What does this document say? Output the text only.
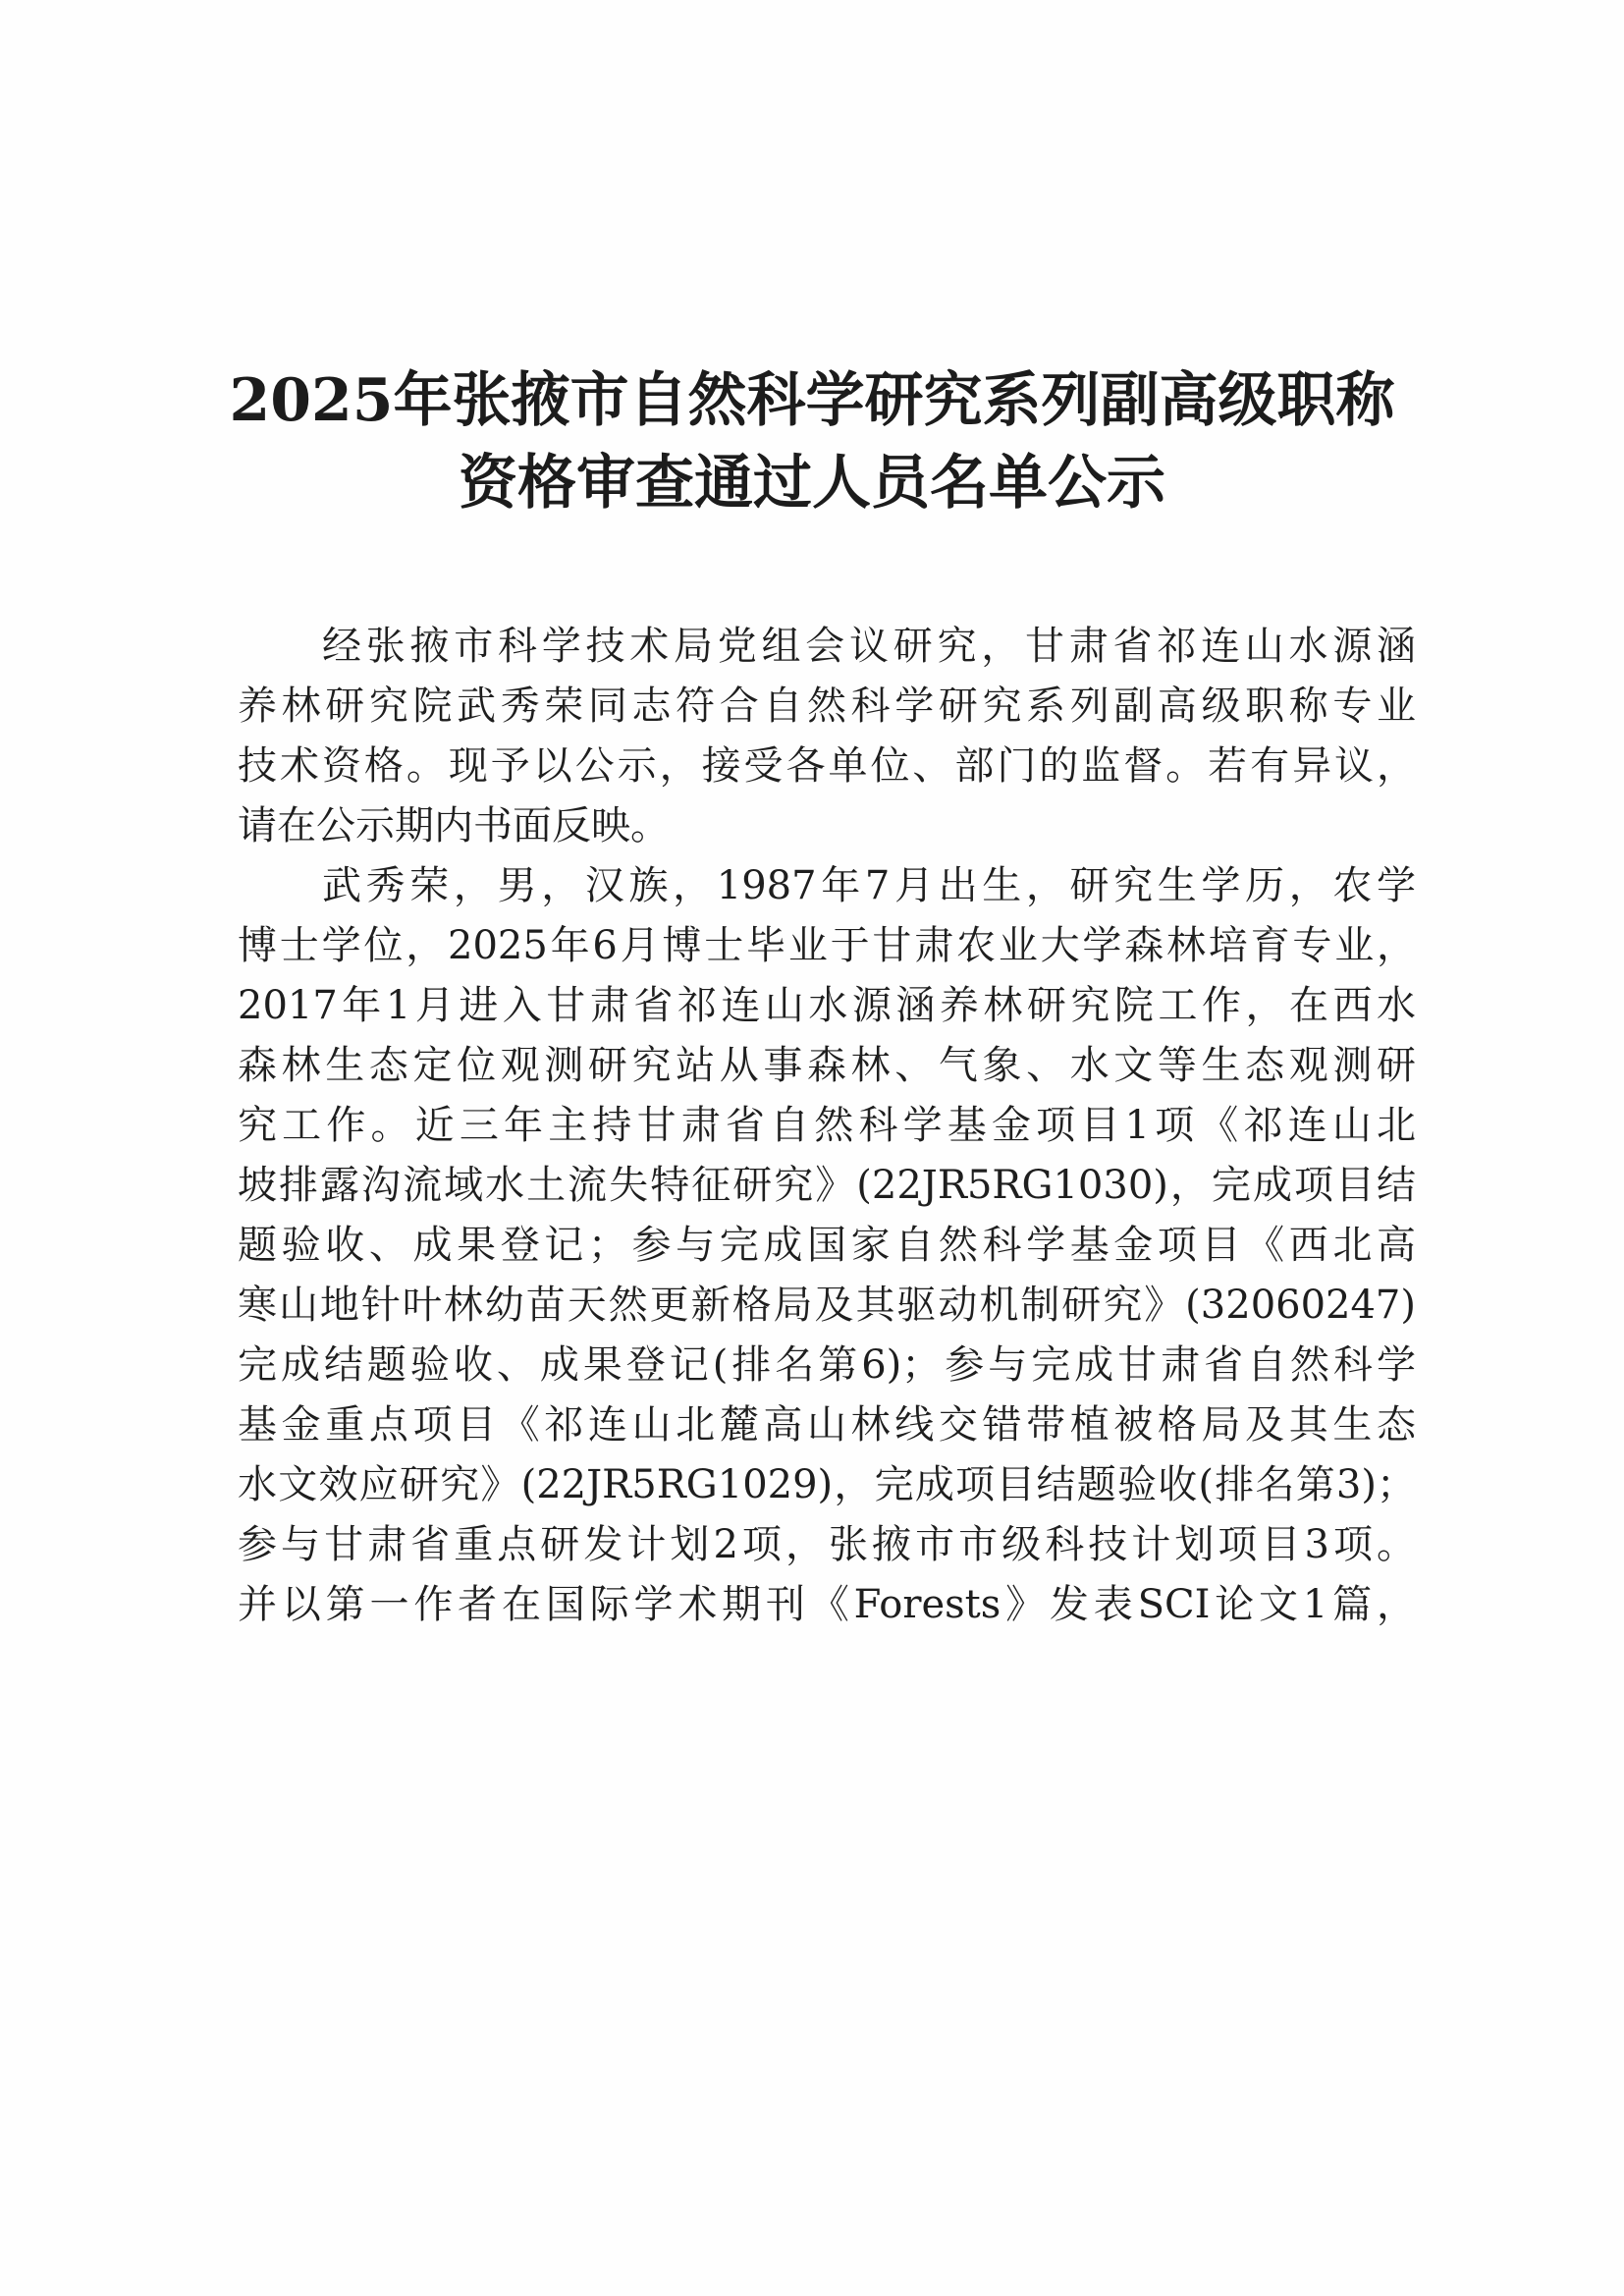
2025年张掖市自然科学研究系列副高级职称
资格审查通过人员名单公示
经张掖市科学技术局党组会议研究，甘肃省祁连山水源涵
养林研究院武秀荣同志符合自然科学研究系列副高级职称专业
技术资格。现予以公示，接受各单位、部门的监督。若有异议，
请在公示期内书面反映。
武秀荣，男，汉族，1987年7月出生，研究生学历，农学
博士学位，2025年6月博士毕业于甘肃农业大学森林培育专业，
2017年1月进入甘肃省祁连山水源涵养林研究院工作，在西水
森林生态定位观测研究站从事森林、气象、水文等生态观测研
究工作。近三年主持甘肃省自然科学基金项目1项《祁连山北
坡排露沟流域水土流失特征研究》(22JR5RG1030)，完成项目结
题验收、成果登记；参与完成国家自然科学基金项目《西北高
寒山地针叶林幼苗天然更新格局及其驱动机制研究》(32060247)
完成结题验收、成果登记(排名第6)；参与完成甘肃省自然科学
基金重点项目《祁连山北麓高山林线交错带植被格局及其生态
水文效应研究》(22JR5RG1029)，完成项目结题验收(排名第3)；
参与甘肃省重点研发计划2项，张掖市市级科技计划项目3项。
并以第一作者在国际学术期刊《Forests》发表SCI论文1篇，
